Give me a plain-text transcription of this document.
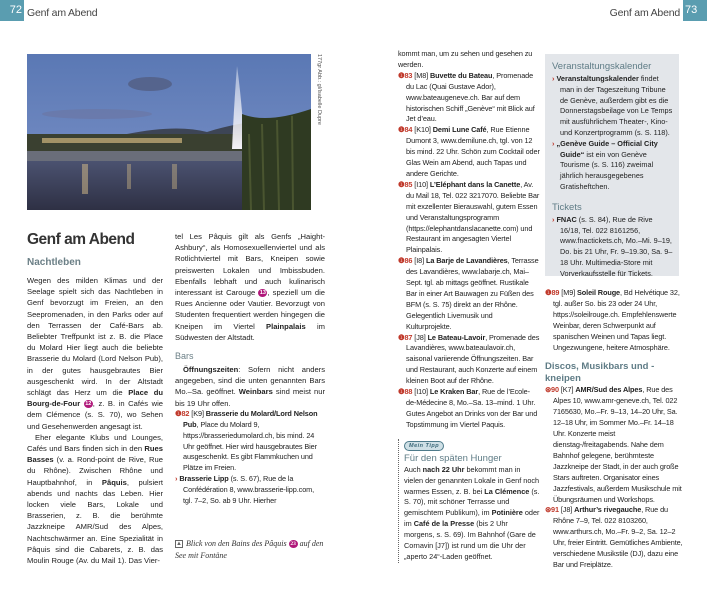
72 Genf am Abend
177gr Abb.: gl/Isabelle Dupre
Genf am Abend
Nachtleben

Wegen des milden Klimas und der Seelage spielt sich das Nachtleben in Genf bevorzugt im Freien, an den Seepromenaden, in den Parks oder auf den Terrassen der Café-Bars ab. Beliebter Treffpunkt ist z. B. die Place du Molard Hier liegt auch die beliebte Brasserie du Molard (Lord Nelson Pub), in der gutes hausgebrautes Bier ausgeschenkt wird. In der Altstadt schlägt das Herz um die Place du Bourg-de-Four 12, z. B. in Cafés wie dem Clémence (s. S. 70), wo Sehen und Gesehenwerden angesagt ist.

Eher elegante Klubs und Lounges, Cafés und Bars finden sich in den Rues Basses (v. a. Rond-point de Rive, Rue du Rhône). Zwischen Rhône und Hauptbahnhof, in Pâquis, pulsiert abends und nachts das Leben. Hier locken viele Bars, Lokale und Brasserien, z. B. die berühmte Jazzkneipe AMR/Sud des Alpes, Nachtschwärmer an. Eine Spezialität in Pâquis sind die Cabarets, z. B. das Moulin Rouge (Av. du Mail 1). Das Vier-

tel Les Pâquis gilt als Genfs „Haight-Ashbury“, als Homosexuellenviertel und als Rotlichtviertel mit Bars, Kneipen sowie preiswerten Lokalen und Imbissbuden. Ebenfalls lebhaft und auch kulinarisch interessant ist Carouge 13, speziell um die Rues Ancienne oder Vautier. Bevorzugt von Studenten frequentiert werden hingegen die Kneipen im Viertel Plainpalais im Südwesten der Altstadt.

Bars

Öffnungszeiten: Sofern nicht anders angegeben, sind die unten genannten Bars Mo.–Sa. geöffnet. Weinbars sind meist nur bis 19 Uhr offen.

❶82 [K9] Brasserie du Molard/Lord Nelson Pub, Place du Molard 9, https://brasseriedumolard.ch, bis mind. 24 Uhr geöffnet. Hier wird hausgebrautes Bier ausgeschenkt. Es gibt Flammkuchen und Plätze im Freien.
› Brasserie Lipp (s. S. 67), Rue de la Confédération 8, www.brasserie-lipp.com, tgl. 7–2, So. ab 9 Uhr. Hierher
▲ Blick von den Bains des Pâquis 23 auf den See mit Fontäne
Genf am Abend 73
kommt man, um zu sehen und gesehen zu werden.
❶83 [M8] Buvette du Bateau, Promenade du Lac (Quai Gustave Ador), www.bateaugeneve.ch. Bar auf dem historischen Schiff „Genève“ mit Blick auf Jet d’eau.
❶84 [K10] Demi Lune Café, Rue Etienne Dumont 3, www.demilune.ch, tgl. von 12 bis mind. 22 Uhr. Schön zum Cocktail oder Glas Wein am Abend, auch Tapas und andere Gerichte.
❶85 [I10] L’Eléphant dans la Canette, Av. du Mail 18, Tel. 022 3217070. Beliebte Bar mit exzellenter Bierauswahl, gutem Essen und Veranstaltungsprogramm (https://elephantdanslacanette.com) und Restaurant im angesagten Viertel Plainpalais.
❶86 [I8] La Barje de Lavandières, Terrasse des Lavandières, www.labarje.ch, Mai–Sept. tgl. ab mittags geöffnet. Rustikale Bar in einer Art Bauwagen zu Füßen des BFM (s. S. 75) direkt an der Rhône. Gelegentlich Livemusik und Kulturprojekte.
❶87 [J8] Le Bateau-Lavoir, Promenade des Lavandières, www.bateaulavoir.ch, saisonal variierende Öffnungszeiten. Bar und Restaurant, auch Konzerte auf einem kleinen Boot auf der Rhône.
❶88 [I10] Le Kraken Bar, Rue de l’Ecole-de-Médecine 8, Mo.–Sa. 13–mind. 1 Uhr. Gutes Angebot an Drinks von der Bar und Topstimmung im Viertel Paquis.
Mein Tipp
Für den späten Hunger
Auch nach 22 Uhr bekommt man in vielen der genannten Lokale in Genf noch warmes Essen, z. B. bei La Clémence (s. S. 70), mit schöner Terrasse und gemischtem Publikum), im Potinière oder im Café de la Presse (bis 2 Uhr morgens, s. S. 69). Im Bahnhof (Gare de Cornavin [J7]) ist rund um die Uhr der „aperto 24“-Laden geöffnet.
Veranstaltungskalender
› Veranstaltungskalender findet man in der Tageszeitung Tribune de Genève, außerdem gibt es die Donnerstagsbeilage von Le Temps mit ausführlichem Theater-, Kino- und Konzertprogramm (s. S. 118).
› „Genève Guide – Official City Guide“ ist ein von Genève Tourisme (s. S. 116) zweimal jährlich herausgegebenes Gratisheftchen.
Tickets
› FNAC (s. S. 84), Rue de Rive 16/18, Tel. 022 8161256, www.fnactickets.ch, Mo.–Mi. 9–19, Do. bis 21 Uhr, Fr. 9–19.30, Sa. 9–18 Uhr. Multimedia-Store mit Vorverkaufsstelle für Tickets.
❶89 [M9] Soleil Rouge, Bd Helvétique 32, tgl. außer So. bis 23 oder 24 Uhr, https://soleilrouge.ch. Empfehlenswerte Weinbar, deren Schwerpunkt auf spanischen Weinen und Tapas liegt. Ungezwungene, heitere Atmosphäre.
Discos, Musikbars und -kneipen
⊛90 [K7] AMR/Sud des Alpes, Rue des Alpes 10, www.amr-geneve.ch, Tel. 022 7165630, Mo.–Fr. 9–13, 14–20 Uhr, Sa. 12–18 Uhr, im Sommer Mo.–Fr. 14–18 Uhr. Konzerte meist dienstag-/freitagabends. Nahe dem Bahnhof gelegene, berühmteste Jazzkneipe der Stadt, in der auch große Stars auftreten. Organisator eines Jazzfestivals, außerdem Musikschule mit Übungsräumen und Workshops.
⊛91 [J8] Arthur’s rivegauche, Rue du Rhône 7–9, Tel. 022 8103260, www.arthurs.ch, Mo.–Fr. 9–2, Sa. 12–2 Uhr, freier Eintritt. Gemütliches Ambiente, verschiedene Musikstile (DJ), dazu eine Bar und Freiplätze.
